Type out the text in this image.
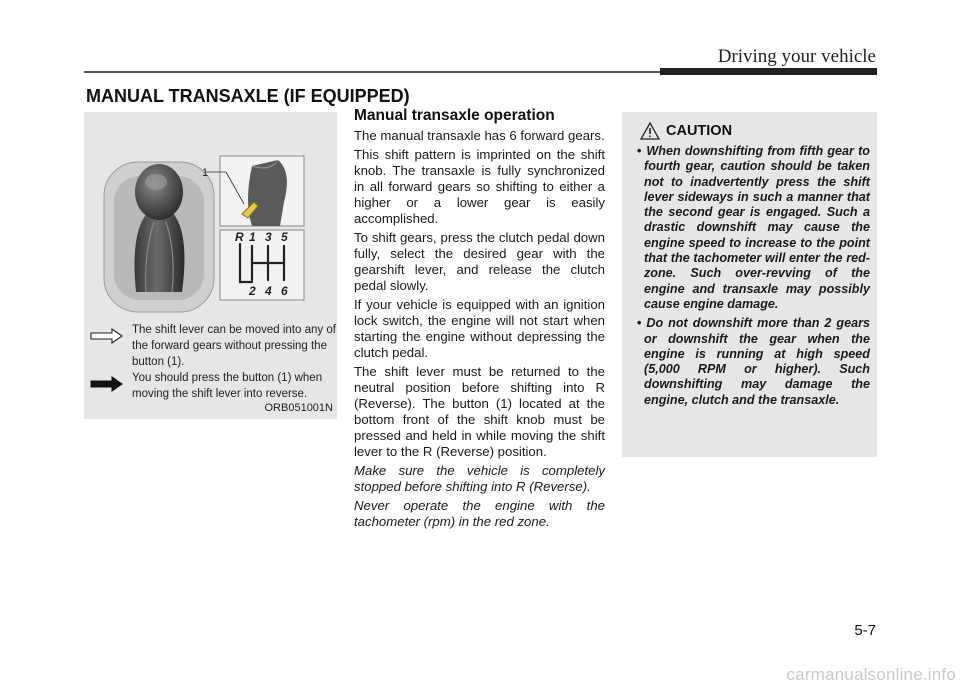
Driving your vehicle
MANUAL TRANSAXLE (IF EQUIPPED)
1
R 1 3 5
2 4 6
The shift lever can be moved into any of the forward gears without pressing the button (1).
You should press the button (1) when moving the shift lever into reverse.
ORB051001N
Manual transaxle operation

The manual transaxle has 6 forward gears.

This shift pattern is imprinted on the shift knob. The transaxle is fully synchronized in all forward gears so shifting to either a higher or a lower gear is easily accomplished.

To shift gears, press the clutch pedal down fully, select the desired gear with the gearshift lever, and release the clutch pedal slowly.

If your vehicle is equipped with an ignition lock switch, the engine will not start when starting the engine without depressing the clutch pedal.

The shift lever must be returned to the neutral position before shifting into R (Reverse). The button (1) located at the bottom front of the shift knob must be pressed and held in while moving the shift lever to the R (Reverse) position.

Make sure the vehicle is completely stopped before shifting into R (Reverse).

Never operate the engine with the tachometer (rpm) in the red zone.

CAUTION
• When downshifting from fifth gear to fourth gear, caution should be taken not to inadvertently press the shift lever sideways in such a manner that the second gear is engaged. Such a drastic downshift may cause the engine speed to increase to the point that the tachometer will enter the red-zone. Such over-revving of the engine and transaxle may possibly cause engine damage.
• Do not downshift more than 2 gears or downshift the gear when the engine is running at high speed (5,000 RPM or higher). Such downshifting may damage the engine, clutch and the transaxle.
5-7
carmanualsonline.info
